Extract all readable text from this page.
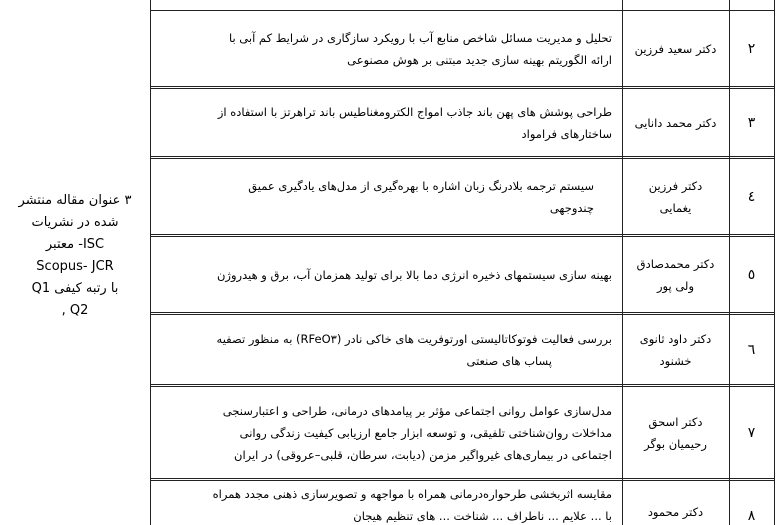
۳ عنوان مقاله منتشر
شده در نشریات
ISC- معتبر
Scopus- JCR
با رتبه کیفی Q1
, Q2
۲
دکتر سعید فرزین
تحلیل و مدیریت مسائل شاخص منابع آب با رویکرد سازگاری در شرایط کم آبی با
ارائه الگوریتم بهینه سازی جدید مبتنی بر هوش مصنوعی
۳
دکتر محمد دانایی
طراحی پوشش های پهن باند جاذب امواج الکترومغناطیس باند تراهرتز با استفاده از
ساختارهای فرامواد
٤
دکتر فرزین
یغمایی
سیستم ترجمه بلادرنگ زبان اشاره با بهره‌گیری از مدل‌های یادگیری عمیق
چندوجهی
٥
دکتر محمدصادق
ولی پور
بهینه سازی سیستمهای ذخیره انرژی دما بالا برای تولید همزمان آب، برق و هیدروژن
٦
دکتر داود ثانوی
خشنود
بررسی فعالیت فوتوکاتالیستی اورتوفریت های خاکی نادر (RFeO۳) به منظور تصفیه
پساب های صنعتی
۷
دکتر اسحق
رحیمیان بوگر
مدل‌سازی عوامل روانی اجتماعی مؤثر بر پیامدهای درمانی، طراحی و اعتبارسنجی
مداخلات روان‌شناختی تلفیقی، و توسعه ابزار جامع ارزیابی کیفیت زندگی روانی
اجتماعی در بیماری‌های غیرواگیر مزمن (دیابت، سرطان، قلبی–عروقی) در ایران
۸
دکتر محمود
مقایسه اثربخشی طرحواره‌درمانی همراه با مواجهه و تصویرسازی ذهنی مجدد همراه
با ... علایم ... ناطراف ... شناخت ... های تنظیم هیجان
